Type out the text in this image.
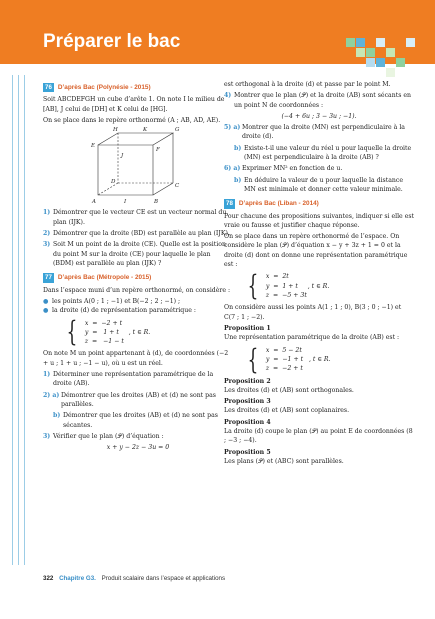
Préparer le bac
76 D’après Bac (Polynésie - 2015)

Soit ABCDEFGH un cube d’arête 1. On note I le milieu de [AB], J celui de [DH] et K celui de [HG].

On se place dans le repère orthonormé (A ; AB, AD, AE).

H	K	G
E
F
J
D
C
A	I	B
1) Démontrer que le vecteur CE est un vecteur normal du plan (IJK).
2) Démontrer que la droite (BD) est parallèle au plan (IJK).
3) Soit M un point de la droite (CE). Quelle est la position du point M sur la droite (CE) pour laquelle le plan (BDM) est parallèle au plan (IJK) ?
77 D’après Bac (Métropole - 2015)

Dans l’espace muni d’un repère orthonormé, on considère :

● les points A(0 ; 1 ; −1) et B(−2 ; 2 ; −1) ;
● la droite (d) de représentation paramétrique :
{ x  =  −2 + t
y  =   1 + t     , t ∈ R.
z  =   −1 − t

On note M un point appartenant à (d), de coordonnées (−2 + u ; 1 + u ; −1 − u), où u est un réel.

1) Déterminer une représentation paramétrique de la droite (AB).
2) a) Démontrer que les droites (AB) et (d) ne sont pas parallèles.
b) Démontrer que les droites (AB) et (d) ne sont pas sécantes.
3) Vérifier que le plan (𝒫) d’équation :

x + y − 2z − 3u = 0

est orthogonal à la droite (d) et passe par le point M.

4) Montrer que le plan (𝒫) et la droite (AB) sont sécants en un point N de coordonnées :

(−4 + 6u ; 3 − 3u ; −1).

5) a) Montrer que la droite (MN) est perpendiculaire à la droite (d).
b) Existe-t-il une valeur du réel u pour laquelle la droite (MN) est perpendiculaire à la droite (AB) ?
6) a) Exprimer MN² en fonction de u.
b) En déduire la valeur de u pour laquelle la distance MN est minimale et donner cette valeur minimale.
78 D’après Bac (Liban - 2014)

Pour chacune des propositions suivantes, indiquer si elle est vraie ou fausse et justifier chaque réponse.

On se place dans un repère orthonormé de l’espace. On considère le plan (𝒫) d’équation x − y + 3z + 1 = 0 et la droite (d) dont on donne une représentation paramétrique est :

{ x  =  2t
y  =  1 + t     , t ∈ R.
z  =  −5 + 3t

On considère aussi les points A(1 ; 1 ; 0), B(3 ; 0 ; −1) et C(7 ; 1 ; −2).

Proposition 1

Une représentation paramétrique de la droite (AB) est :

{ x  =  5 − 2t
y  =  −1 + t   , t ∈ R.
z  =  −2 + t

Proposition 2

Les droites (d) et (AB) sont orthogonales.

Proposition 3

Les droites (d) et (AB) sont coplanaires.

Proposition 4

La droite (d) coupe le plan (𝒫) au point E de coordonnées (8 ; −3 ; −4).

Proposition 5

Les plans (𝒫) et (ABC) sont parallèles.

322 Chapitre G3. Produit scalaire dans l’espace et applications
